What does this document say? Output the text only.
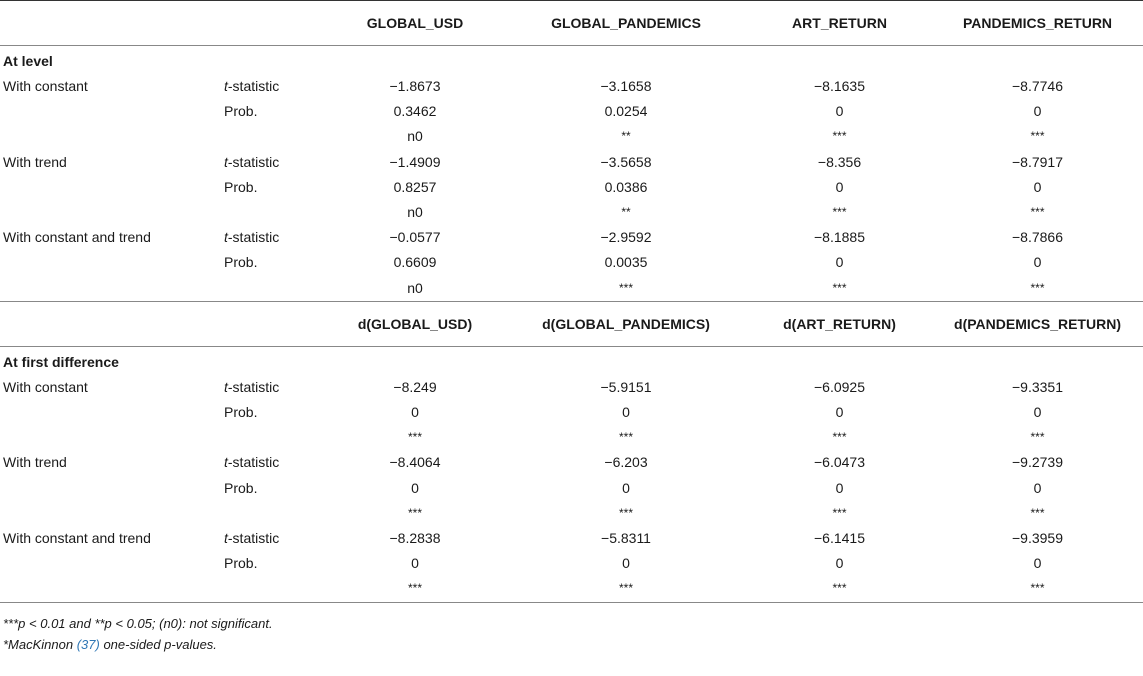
		GLOBAL_USD	GLOBAL_PANDEMICS	ART_RETURN	PANDEMICS_RETURN
At level					
With constant	t-statistic	−1.8673	−3.1658	−8.1635	−8.7746
	Prob.	0.3462	0.0254	0	0
		n0	**	***	***
With trend	t-statistic	−1.4909	−3.5658	−8.356	−8.7917
	Prob.	0.8257	0.0386	0	0
		n0	**	***	***
With constant and trend	t-statistic	−0.0577	−2.9592	−8.1885	−8.7866
	Prob.	0.6609	0.0035	0	0
		n0	***	***	***
		d(GLOBAL_USD)	d(GLOBAL_PANDEMICS)	d(ART_RETURN)	d(PANDEMICS_RETURN)
At first difference					
With constant	t-statistic	−8.249	−5.9151	−6.0925	−9.3351
	Prob.	0	0	0	0
		***	***	***	***
With trend	t-statistic	−8.4064	−6.203	−6.0473	−9.2739
	Prob.	0	0	0	0
		***	***	***	***
With constant and trend	t-statistic	−8.2838	−5.8311	−6.1415	−9.3959
	Prob.	0	0	0	0
		***	***	***	***
***p < 0.01 and **p < 0.05; (n0): not significant.
*MacKinnon (37) one-sided p-values.
